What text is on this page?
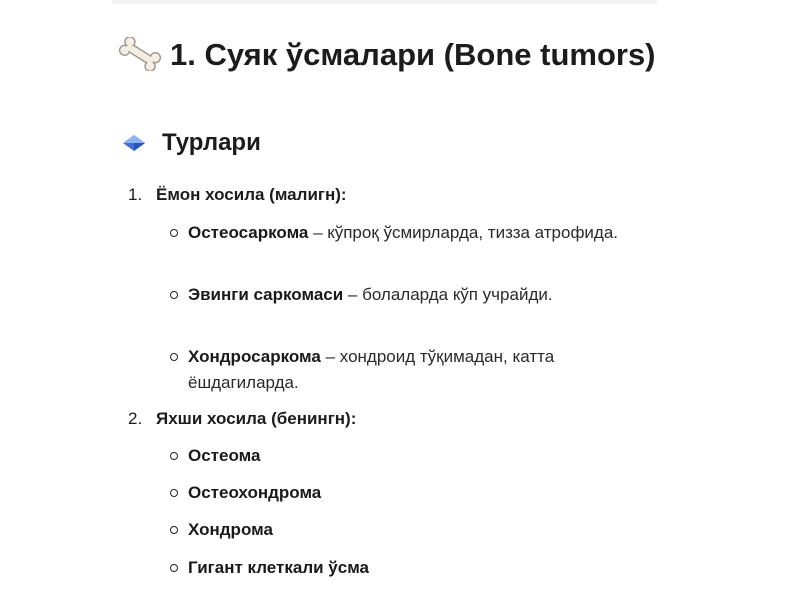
1. Суяк ўсмалари (Bone tumors)
Турлари
1. Ёмон хосила (малигн):
Остеосаркома – кўпроқ ўсмирларда, тизза атрофида.
Эвинги саркомаси – болаларда кўп учрайди.
Хондросаркома – хондроид тўқимадан, катта ёшдагиларда.
2. Яхши хосила (бенингн):
Остеома
Остеохондрома
Хондрома
Гигант клеткали ўсма
